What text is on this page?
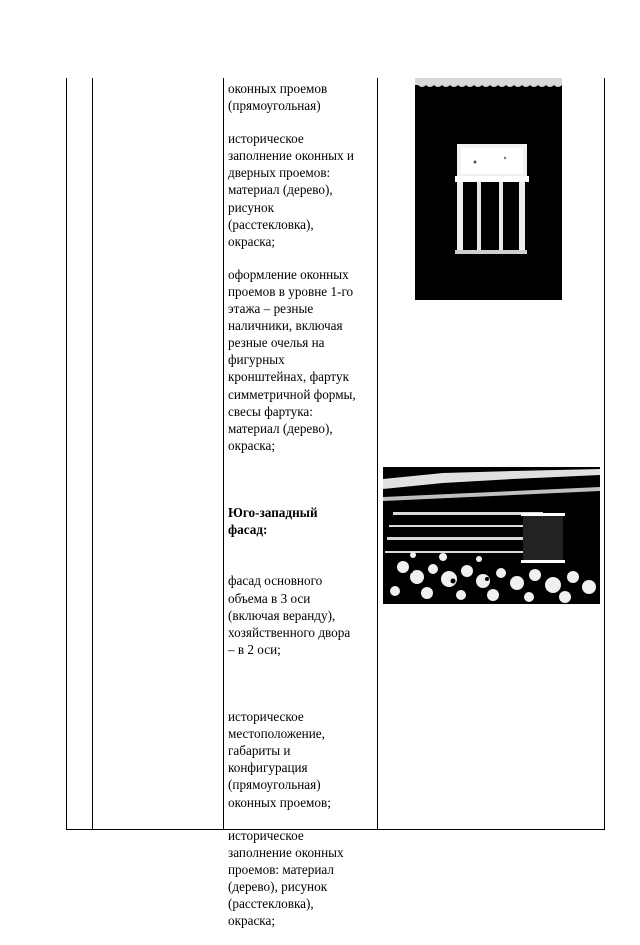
оконных проемов
(прямоугольная)

историческое
заполнение оконных и
дверных проемов:
материал (дерево),
рисунок
(расстекловка),
окраска;

оформление оконных
проемов в уровне 1-го
этажа – резные
наличники, включая
резные очелья на
фигурных
кронштейнах, фартук
симметричной формы,
свесы фартука:
материал (дерево),
окраска;

Юго-западный
фасад:

фасад основного
объема в 3 оси
(включая веранду),
хозяйственного двора
– в 2 оси;

историческое
местоположение,
габариты и
конфигурация
(прямоугольная)
оконных проемов;

историческое
заполнение оконных
проемов: материал
(дерево), рисунок
(расстекловка),
окраска;
